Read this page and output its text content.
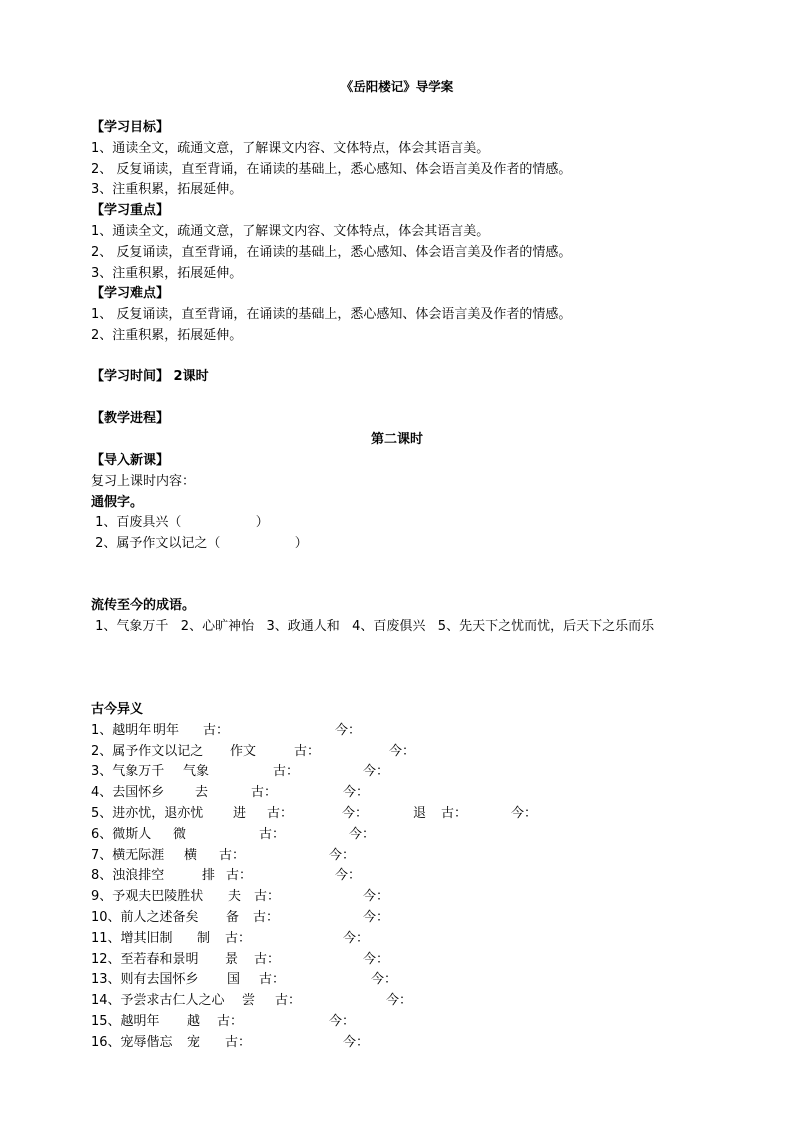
《岳阳楼记》导学案
【学习目标】
1、通读全文，疏通文意，了解课文内容、文体特点，体会其语言美。
2、 反复诵读，直至背诵，在诵读的基础上，悉心感知、体会语言美及作者的情感。
3、注重积累，拓展延伸。
【学习重点】
1、通读全文，疏通文意，了解课文内容、文体特点，体会其语言美。
2、 反复诵读，直至背诵，在诵读的基础上，悉心感知、体会语言美及作者的情感。
3、注重积累，拓展延伸。
【学习难点】
1、 反复诵读，直至背诵，在诵读的基础上，悉心感知、体会语言美及作者的情感。
2、注重积累，拓展延伸。
【学习时间】 2课时
【教学进程】
第二课时
【导入新课】
复习上课时内容：
通假字。
1、百废具兴（                  ）
2、属予作文以记之（                  ）
流传至今的成语。
1、气象万千   2、心旷神怡   3、政通人和   4、百废俱兴   5、先天下之忧而忧，后天下之乐而乐
古今异义
1、越明年 明年 古：	今：
2、属予作文以记之 作文	古：	今：
3、气象万千 气象	古：	今：
4、去国怀乡 去	古：	今：
5、进亦忧，退亦忧 进 古：	今：	退 古：	今：
6、微斯人 微	古：	今：
7、横无际涯 横 古：	今：
8、浊浪排空	排 古：	今：
9、予观夫巴陵胜状 夫 古：	今：
10、前人之述备矣 备 古：	今：
11、增其旧制 制 古：	今：
12、至若春和景明 景 古：	今：
13、则有去国怀乡 国 古：	今：
14、予尝求古仁人之心 尝 古：	今：
15、越明年 越 古：	今：
16、宠辱偕忘 宠 古：	今：
